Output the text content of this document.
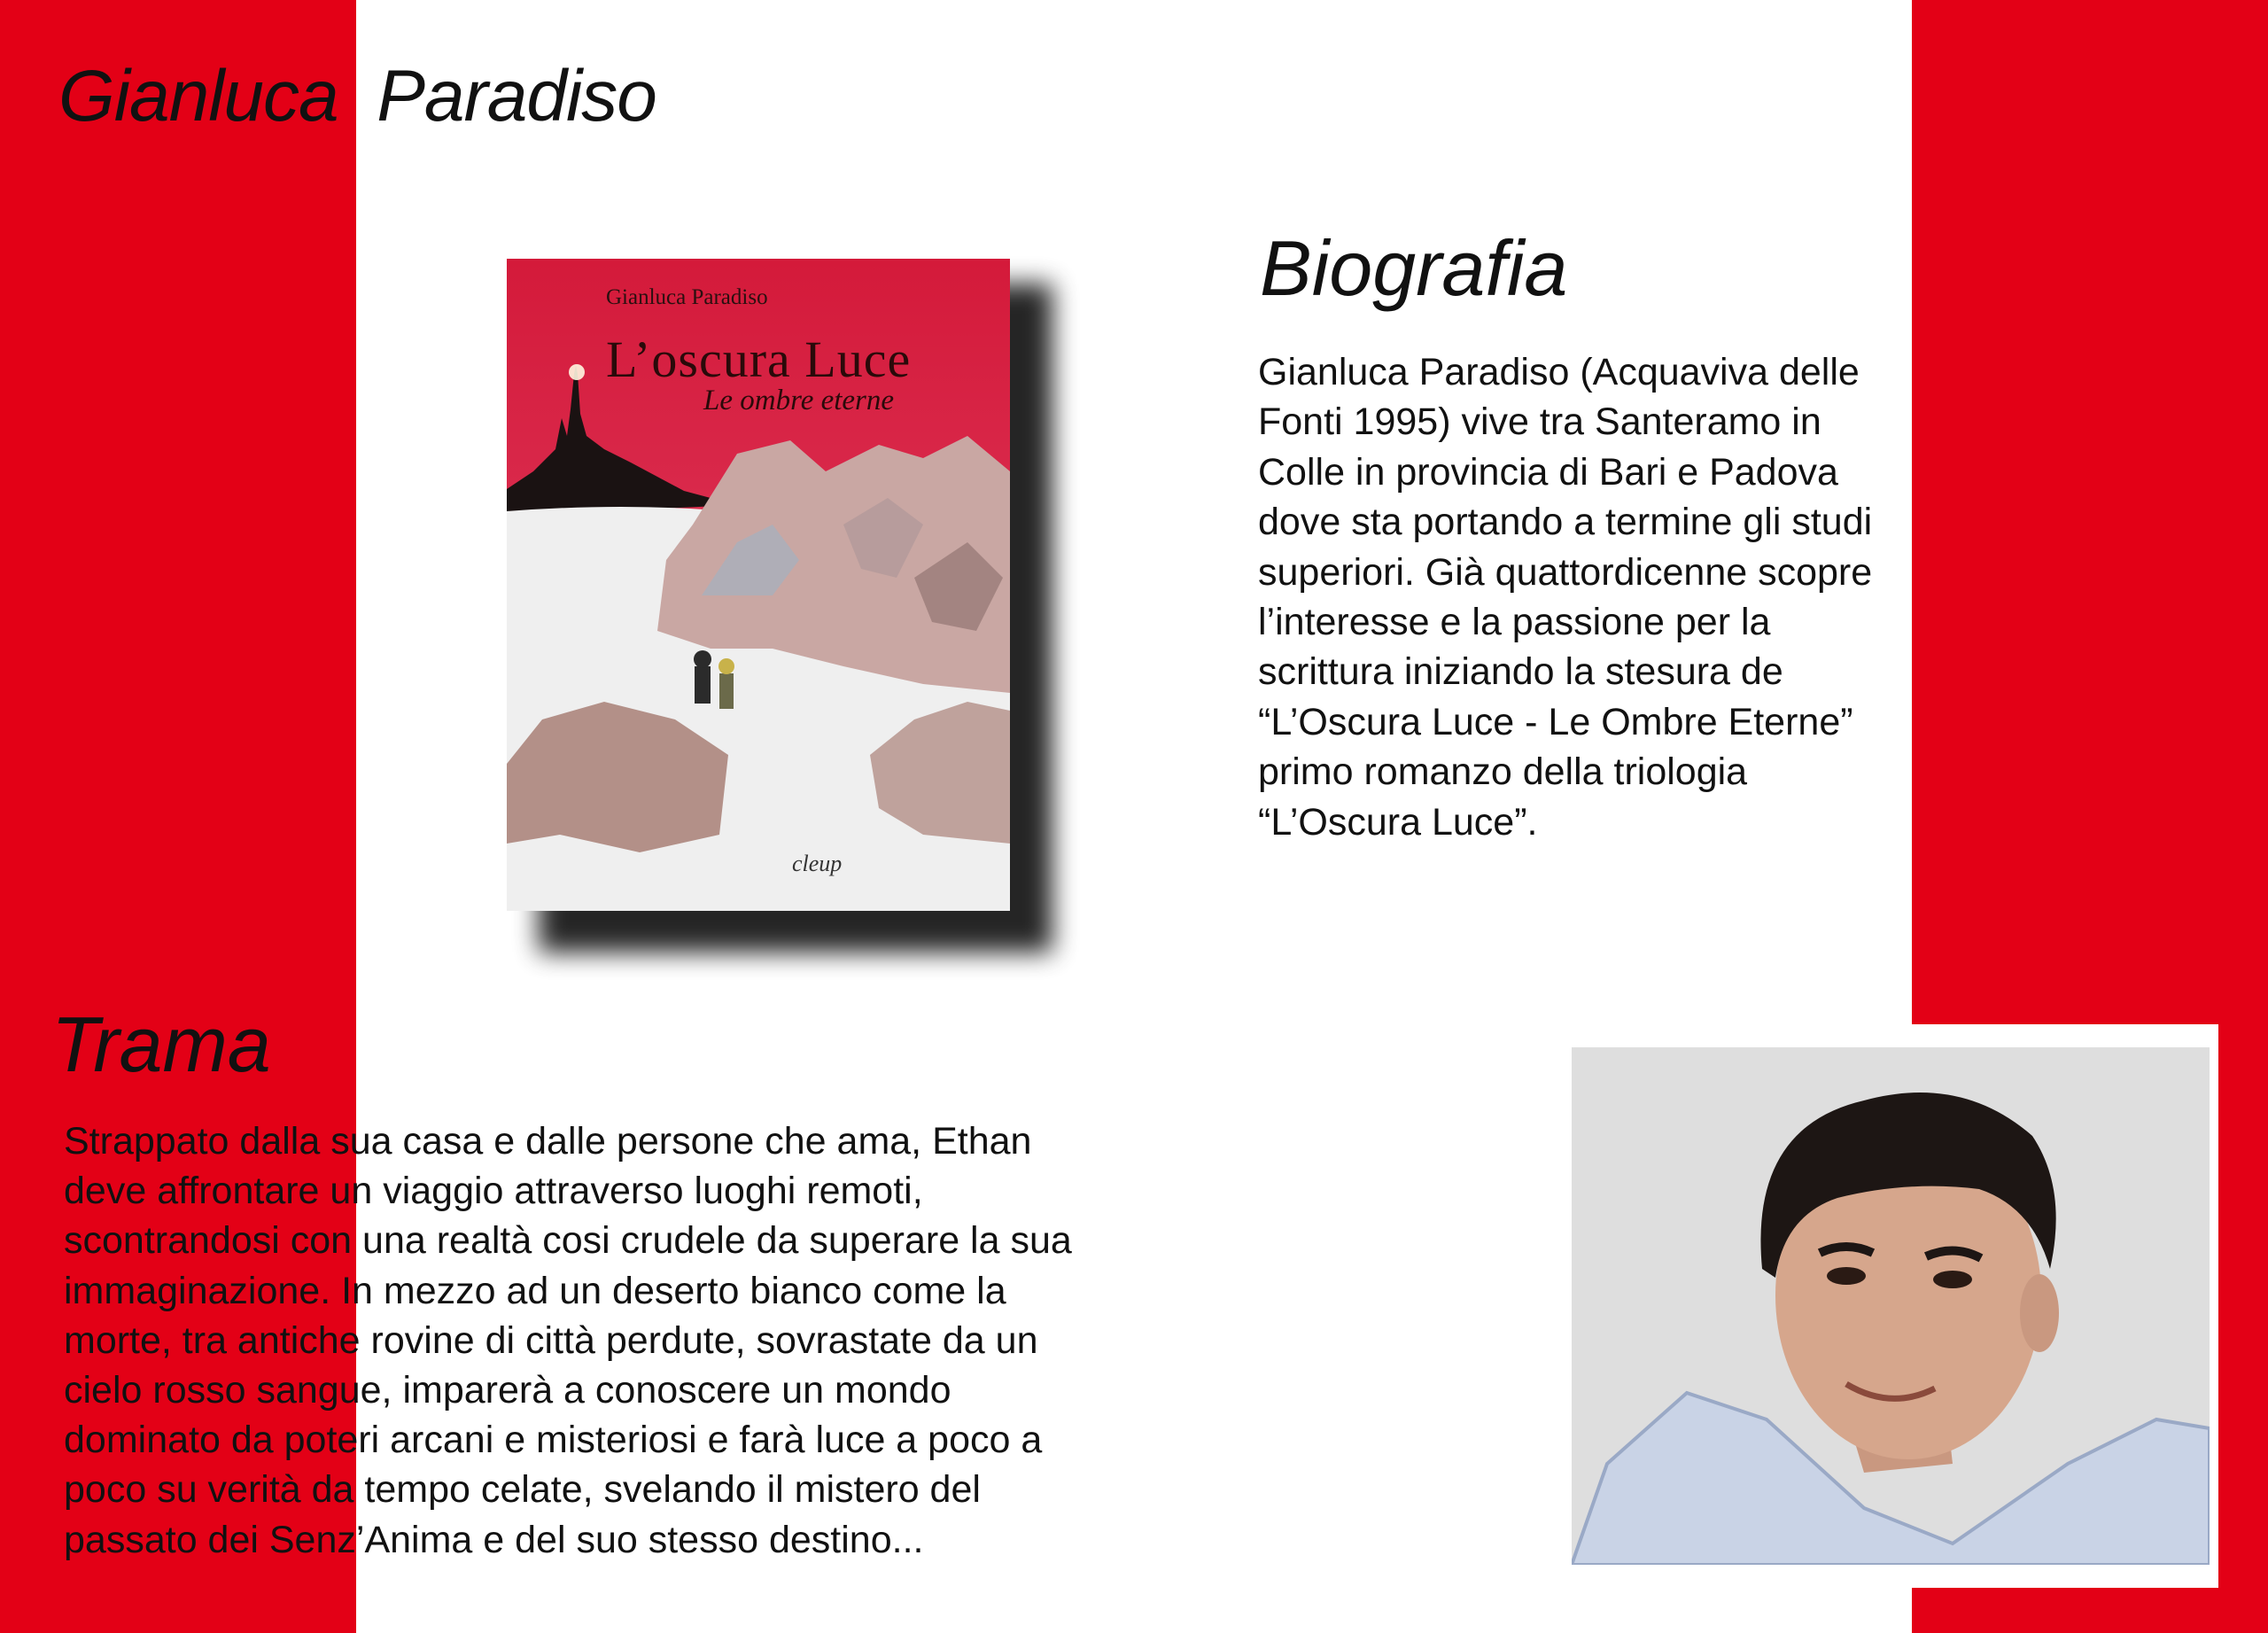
Gianluca  Paradiso
Gianluca Paradiso
L’oscura Luce
Le ombre eterne
cleup
Biografia

Gianluca Paradiso (Acquaviva delle Fonti 1995) vive tra Santeramo in Colle in provincia di Bari e Padova dove sta portando a termine gli studi superiori. Già quattordicenne scopre l’interesse e la passione per la scrittura iniziando la stesura de “L’Oscura Luce - Le Ombre Eterne” primo romanzo della triologia “L’Oscura Luce”.

Trama

Strappato dalla sua casa e dalle persone che ama, Ethan deve affrontare un viaggio attraverso luoghi remoti, scontrandosi con una realtà cosi crudele da superare la sua immaginazione. In mezzo ad un deserto bianco come la morte, tra antiche rovine di città perdute, sovrastate da un cielo rosso sangue, imparerà a conoscere un mondo dominato da poteri arcani e misteriosi e farà luce a poco a poco su verità da tempo celate, svelando il mistero del passato dei Senz’Anima e del suo stesso destino...
